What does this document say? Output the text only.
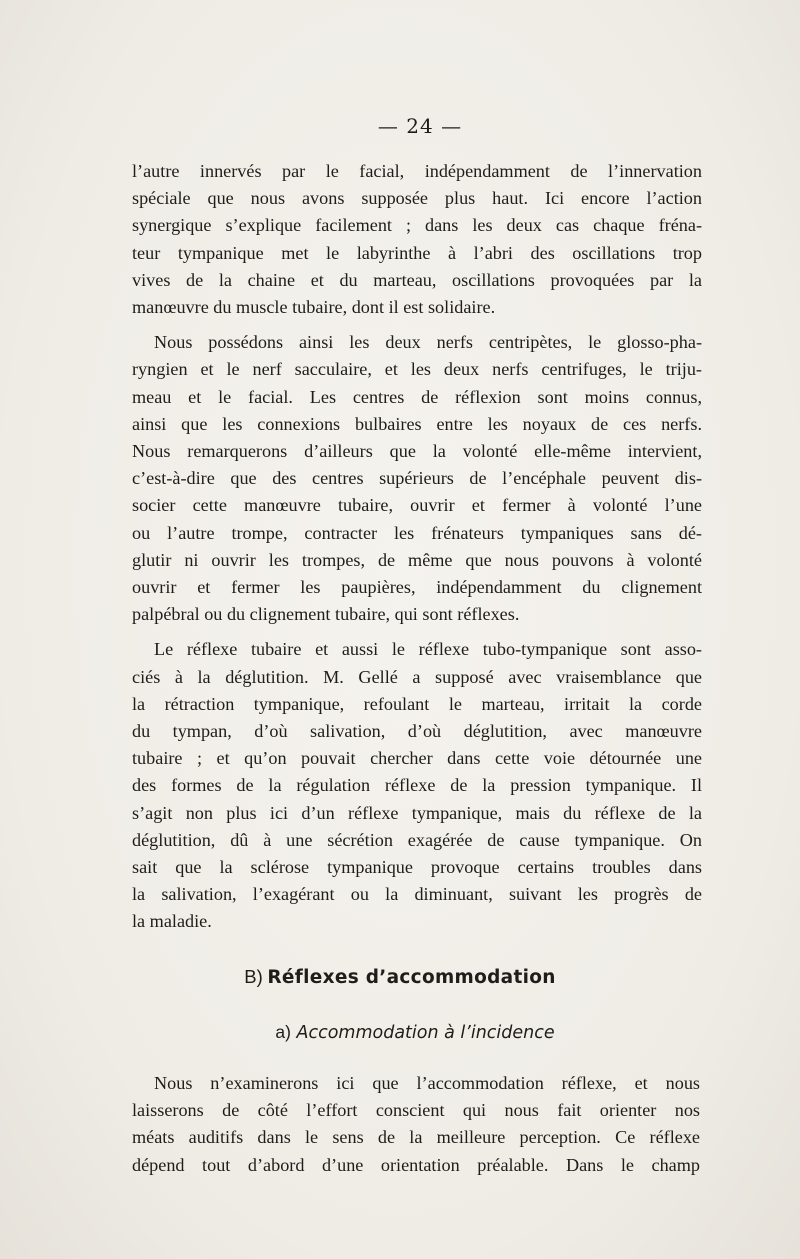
— 24 —
l’autre innervés par le facial, indépendamment de l’innervation
spéciale que nous avons supposée plus haut. Ici encore l’action
synergique s’explique facilement ; dans les deux cas chaque fréna-
teur tympanique met le labyrinthe à l’abri des oscillations trop
vives de la chaine et du marteau, oscillations provoquées par la
manœuvre du muscle tubaire, dont il est solidaire.
Nous possédons ainsi les deux nerfs centripètes, le glosso-pha-
ryngien et le nerf sacculaire, et les deux nerfs centrifuges, le triju-
meau et le facial. Les centres de réflexion sont moins connus,
ainsi que les connexions bulbaires entre les noyaux de ces nerfs.
Nous remarquerons d’ailleurs que la volonté elle-même intervient,
c’est-à-dire que des centres supérieurs de l’encéphale peuvent dis-
socier cette manœuvre tubaire, ouvrir et fermer à volonté l’une
ou l’autre trompe, contracter les frénateurs tympaniques sans dé-
glutir ni ouvrir les trompes, de même que nous pouvons à volonté
ouvrir et fermer les paupières, indépendamment du clignement
palpébral ou du clignement tubaire, qui sont réflexes.
Le réflexe tubaire et aussi le réflexe tubo-tympanique sont asso-
ciés à la déglutition. M. Gellé a supposé avec vraisemblance que
la rétraction tympanique, refoulant le marteau, irritait la corde
du tympan, d’où salivation, d’où déglutition, avec manœuvre
tubaire ; et qu’on pouvait chercher dans cette voie détournée une
des formes de la régulation réflexe de la pression tympanique. Il
s’agit non plus ici d’un réflexe tympanique, mais du réflexe de la
déglutition, dû à une sécrétion exagérée de cause tympanique. On
sait que la sclérose tympanique provoque certains troubles dans
la salivation, l’exagérant ou la diminuant, suivant les progrès de
la maladie.
B) Réflexes d’accommodation
a) Accommodation à l’incidence
Nous n’examinerons ici que l’accommodation réflexe, et nous
laisserons de côté l’effort conscient qui nous fait orienter nos
méats auditifs dans le sens de la meilleure perception. Ce réflexe
dépend tout d’abord d’une orientation préalable. Dans le champ
